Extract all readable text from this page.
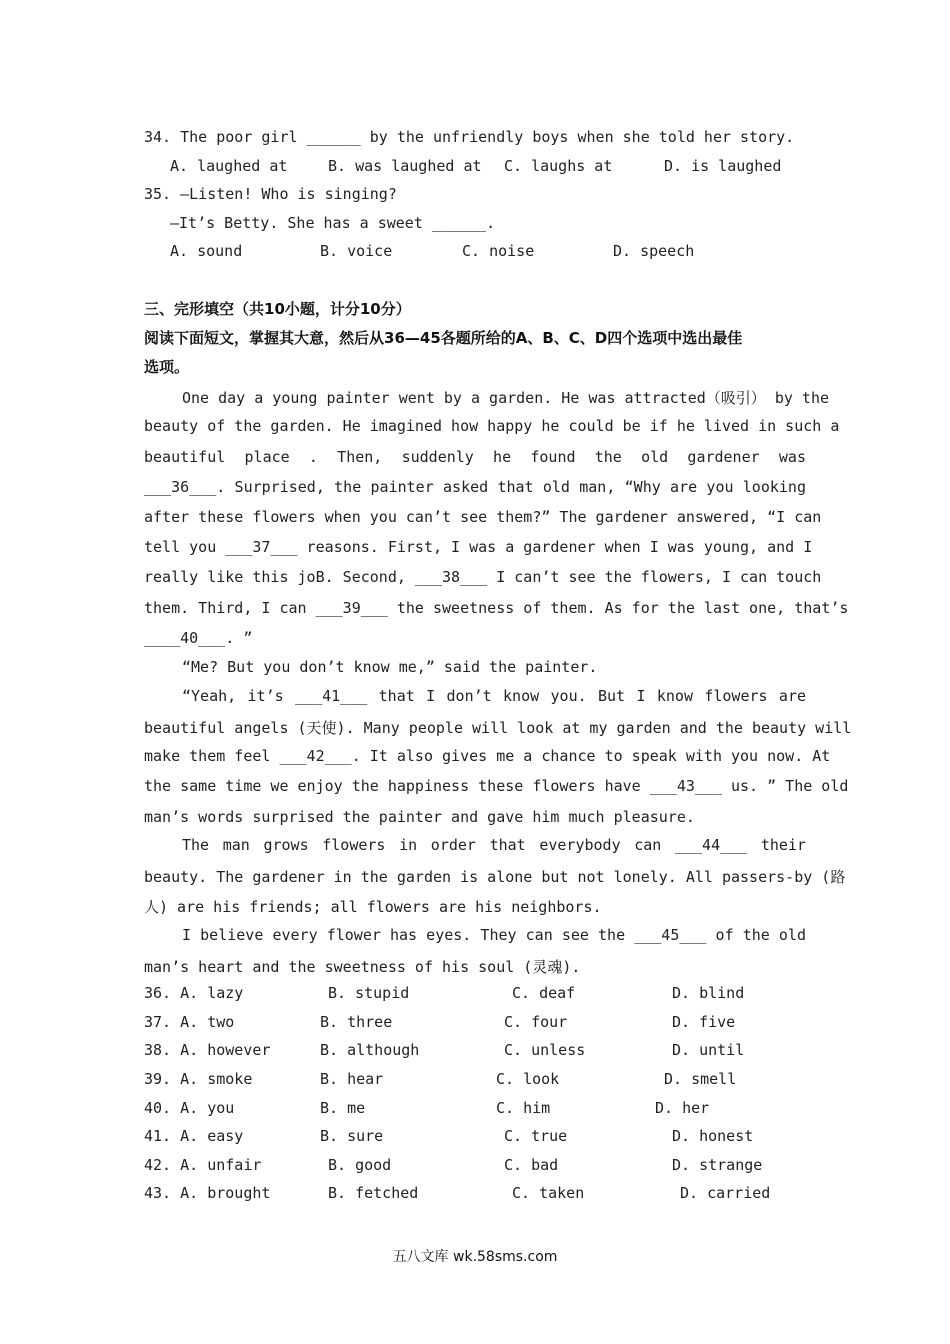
34. The poor girl ______ by the unfriendly boys when she told her story.
A. laughed at	B. was laughed at C. laughs at	D. is laughed
35. —Listen! Who is singing?
—It’s Betty. She has a sweet ______.
A. sound	B. voice	C. noise	D. speech
三、完形填空（共10小题，计分10分）
阅读下面短文，掌握其大意，然后从36—45各题所给的A、B、C、D四个选项中选出最佳
选项。
One day a young painter went by a garden. He was attracted（吸引） by the
beauty of the garden. He imagined how happy he could be if he lived in such a
beautiful place . Then, suddenly he found the old gardener was
___36___. Surprised, the painter asked that old man, “Why are you looking
after these flowers when you can’t see them?” The gardener answered, “I can
tell you ___37___ reasons. First, I was a gardener when I was young, and I
really like this joB. Second, ___38___ I can’t see the flowers, I can touch
them. Third, I can ___39___ the sweetness of them. As for the last one, that’s
____40___. ”
“Me? But you don’t know me,” said the painter.
“Yeah, it’s ___41___ that I don’t know you. But I know flowers are
beautiful angels (天使). Many people will look at my garden and the beauty will
make them feel ___42___. It also gives me a chance to speak with you now. At
the same time we enjoy the happiness these flowers have ___43___ us. ” The old
man’s words surprised the painter and gave him much pleasure.
The man grows flowers in order that everybody can ___44___ their
beauty. The gardener in the garden is alone but not lonely. All passers-by (路
人) are his friends; all flowers are his neighbors.
I believe every flower has eyes. They can see the ___45___ of the old
man’s heart and the sweetness of his soul (灵魂).
36. A. lazy	B. stupid	C. deaf	D. blind
37. A. two	B. three	C. four	D. five
38. A. however	B. although	C. unless	D. until
39. A. smoke	B. hear	C. look	D. smell
40. A. you	B. me	C. him	D. her
41. A. easy	B. sure	C. true	D. honest
42. A. unfair	B. good	C. bad	D. strange
43. A. brought	B. fetched	C. taken	D. carried
五八文库 wk.58sms.com
